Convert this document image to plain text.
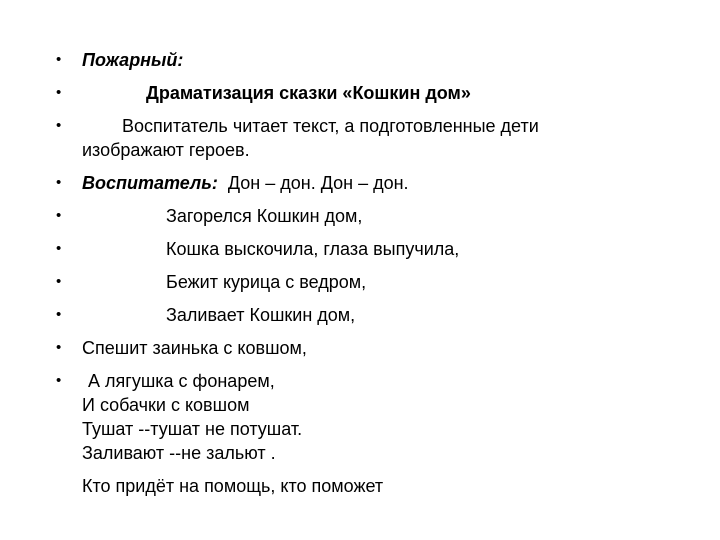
•	Пожарный:
•	Драматизация сказки «Кошкин дом»
•	Воспитатель читает текст, а подготовленные дети
изображают героев.
•	Воспитатель: Дон – дон. Дон – дон.
•	Загорелся Кошкин дом,
•	Кошка выскочила, глаза выпучила,
•	Бежит курица с ведром,
•	Заливает Кошкин дом,
•	Спешит заинька с ковшом,
•	А лягушка с фонарем,
И собачки с ковшом
Тушат --тушат не потушат.
Заливают --не зальют .
Кто придёт на помощь, кто поможет
